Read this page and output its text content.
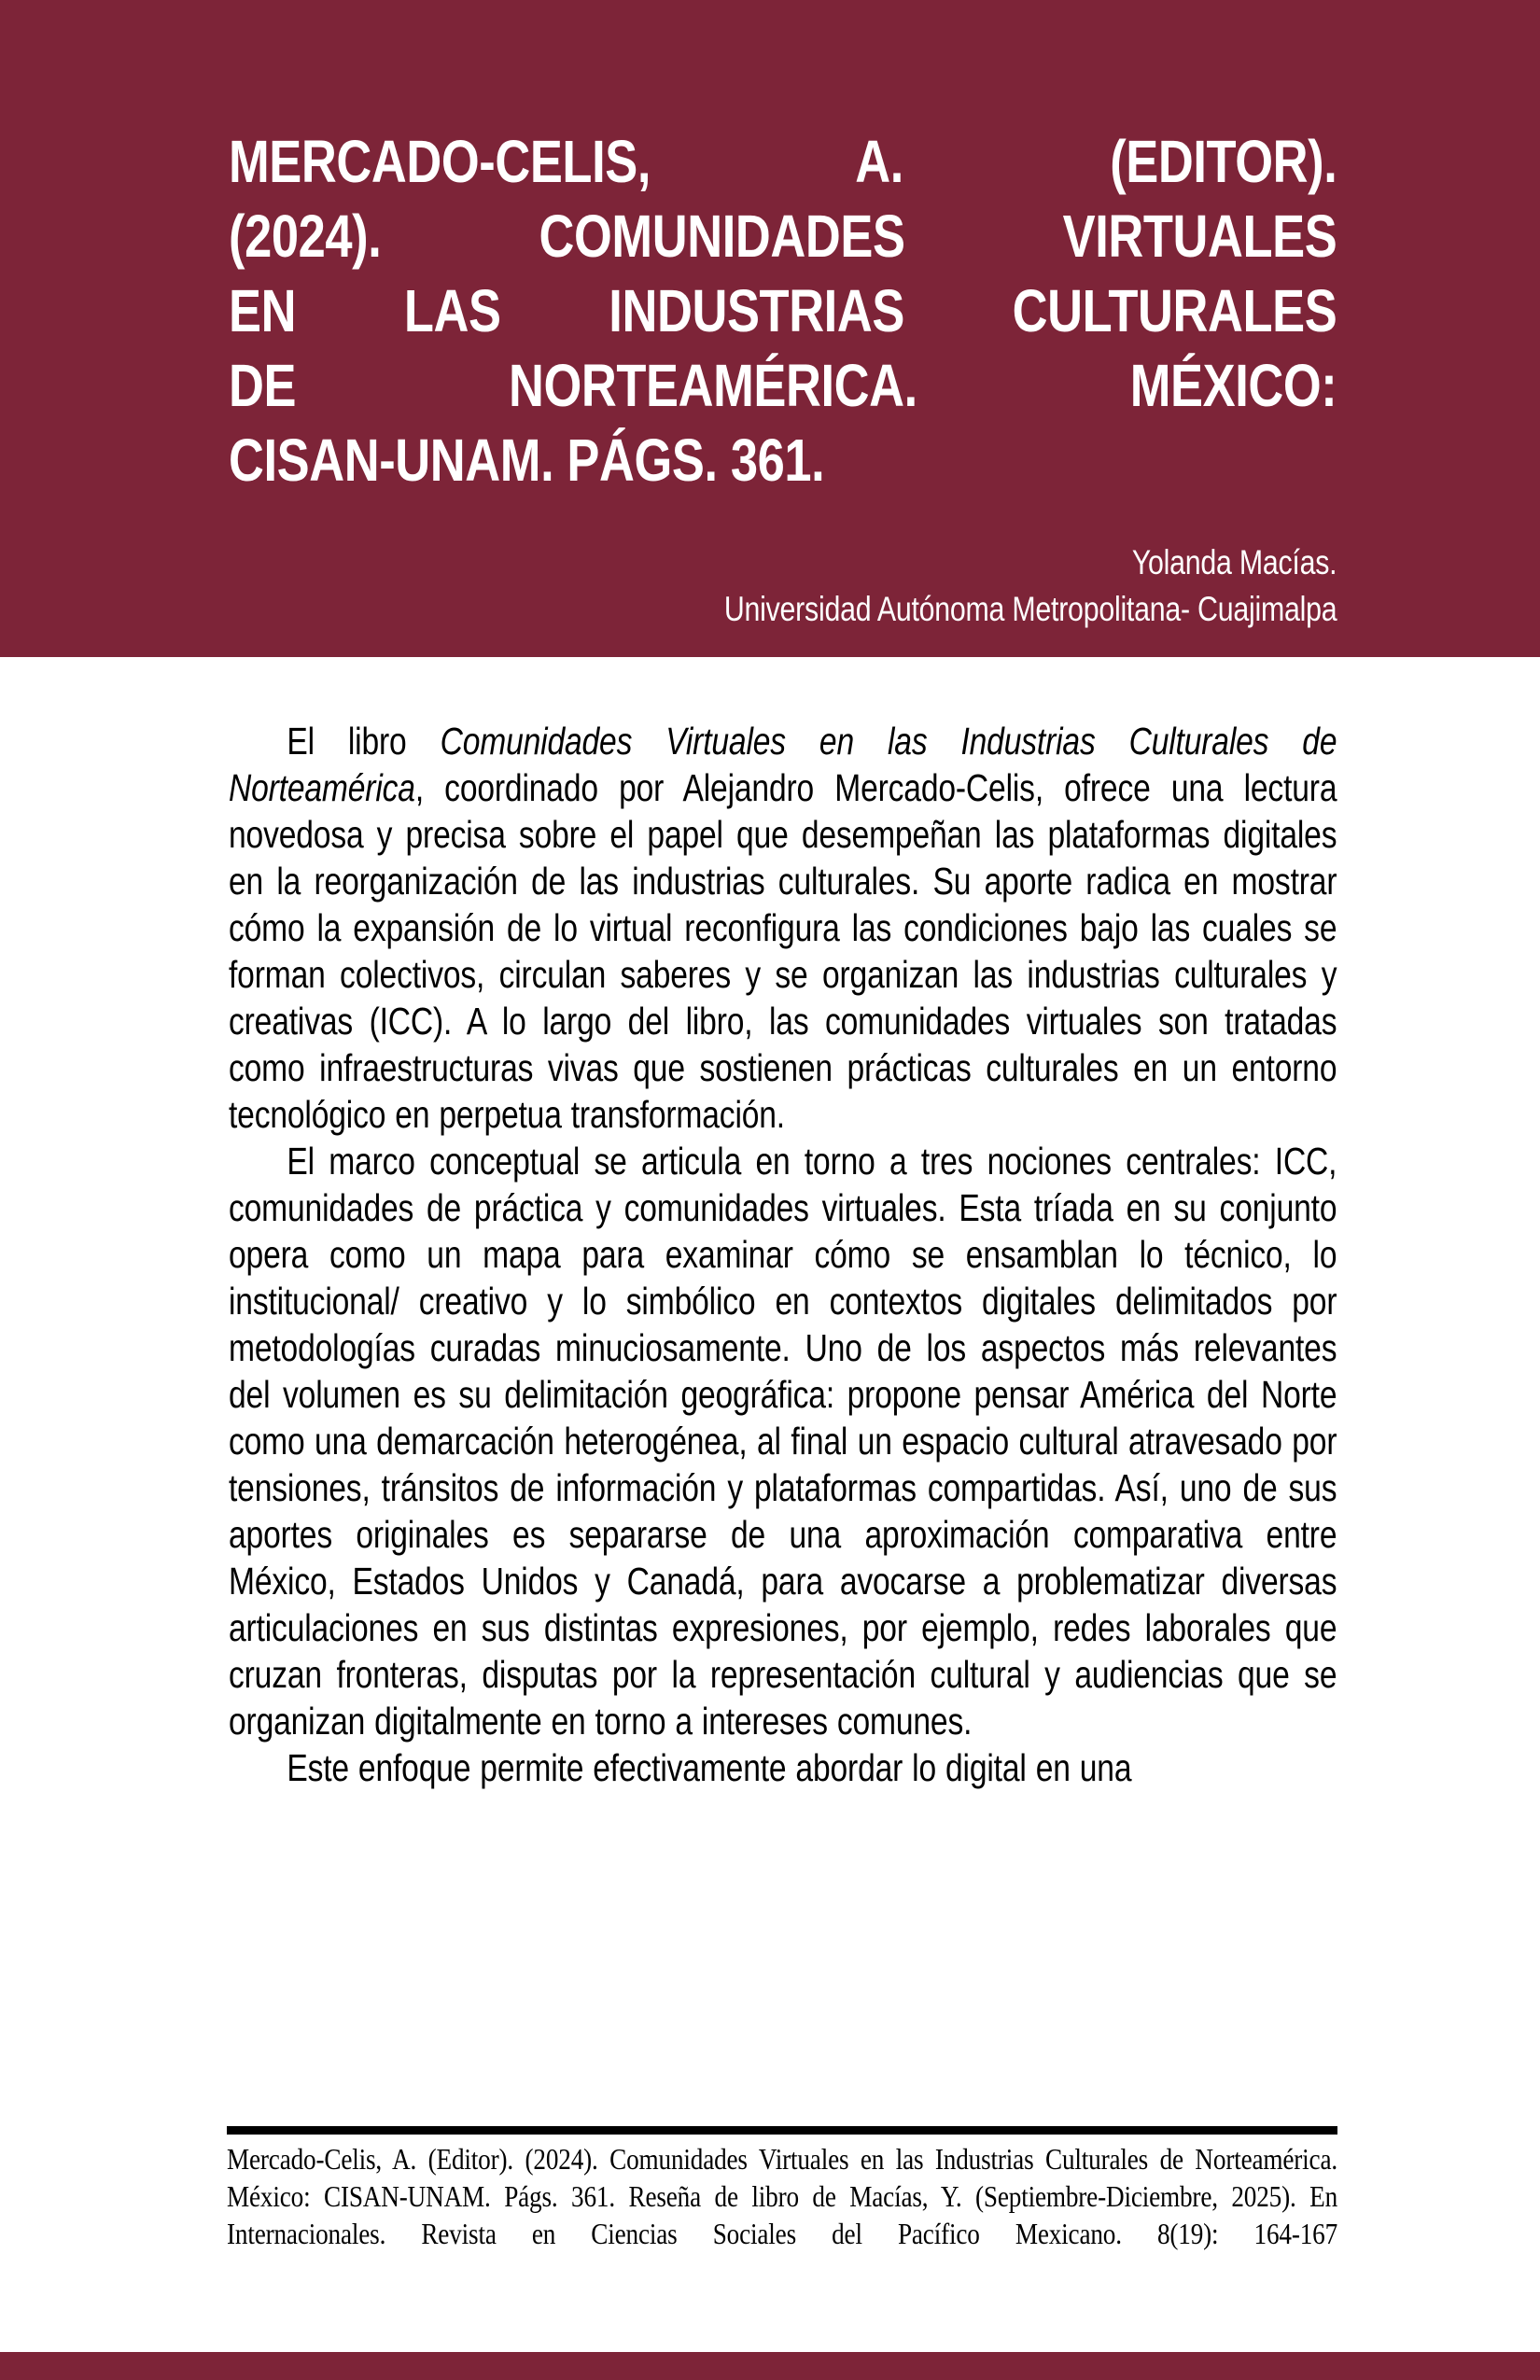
MERCADO-CELIS, A. (EDITOR).
(2024). COMUNIDADES VIRTUALES
EN LAS INDUSTRIAS CULTURALES
DE NORTEAMÉRICA. MÉXICO:
CISAN-UNAM. PÁGS. 361.
Yolanda Macías.
Universidad Autónoma Metropolitana- Cuajimalpa

El libro Comunidades Virtuales en las Industrias Culturales de Norteamérica, coordinado por Alejandro Mercado-Celis, ofrece una lectura novedosa y precisa sobre el papel que desempeñan las plataformas digitales en la reorganización de las industrias culturales. Su aporte radica en mostrar cómo la expansión de lo virtual reconfigura las condiciones bajo las cuales se forman colectivos, circulan saberes y se organizan las industrias culturales y creativas (ICC). A lo largo del libro, las comunidades virtuales son tratadas como infraestructuras vivas que sostienen prácticas culturales en un entorno tecnológico en perpetua transformación.

El marco conceptual se articula en torno a tres nociones centrales: ICC, comunidades de práctica y comunidades virtuales. Esta tríada en su conjunto opera como un mapa para examinar cómo se ensamblan lo técnico, lo institucional/ creativo y lo simbólico en contextos digitales delimitados por metodologías curadas minuciosamente. Uno de los aspectos más relevantes del volumen es su delimitación geográfica: propone pensar América del Norte como una demarcación heterogénea, al final un espacio cultural atravesado por tensiones, tránsitos de información y plataformas compartidas. Así, uno de sus aportes originales es separarse de una aproximación comparativa entre México, Estados Unidos y Canadá, para avocarse a problematizar diversas articulaciones en sus distintas expresiones, por ejemplo, redes laborales que cruzan fronteras, disputas por la representación cultural y audiencias que se organizan digitalmente en torno a intereses comunes.

Este enfoque permite efectivamente abordar lo digital en una

Mercado-Celis, A. (Editor). (2024). Comunidades Virtuales en las Industrias Culturales de Norteamérica. México: CISAN-UNAM. Págs. 361. Reseña de libro de Macías, Y. (Septiembre-Diciembre, 2025). En Internacionales. Revista en Ciencias Sociales del Pacífico Mexicano. 8(19): 164-167
